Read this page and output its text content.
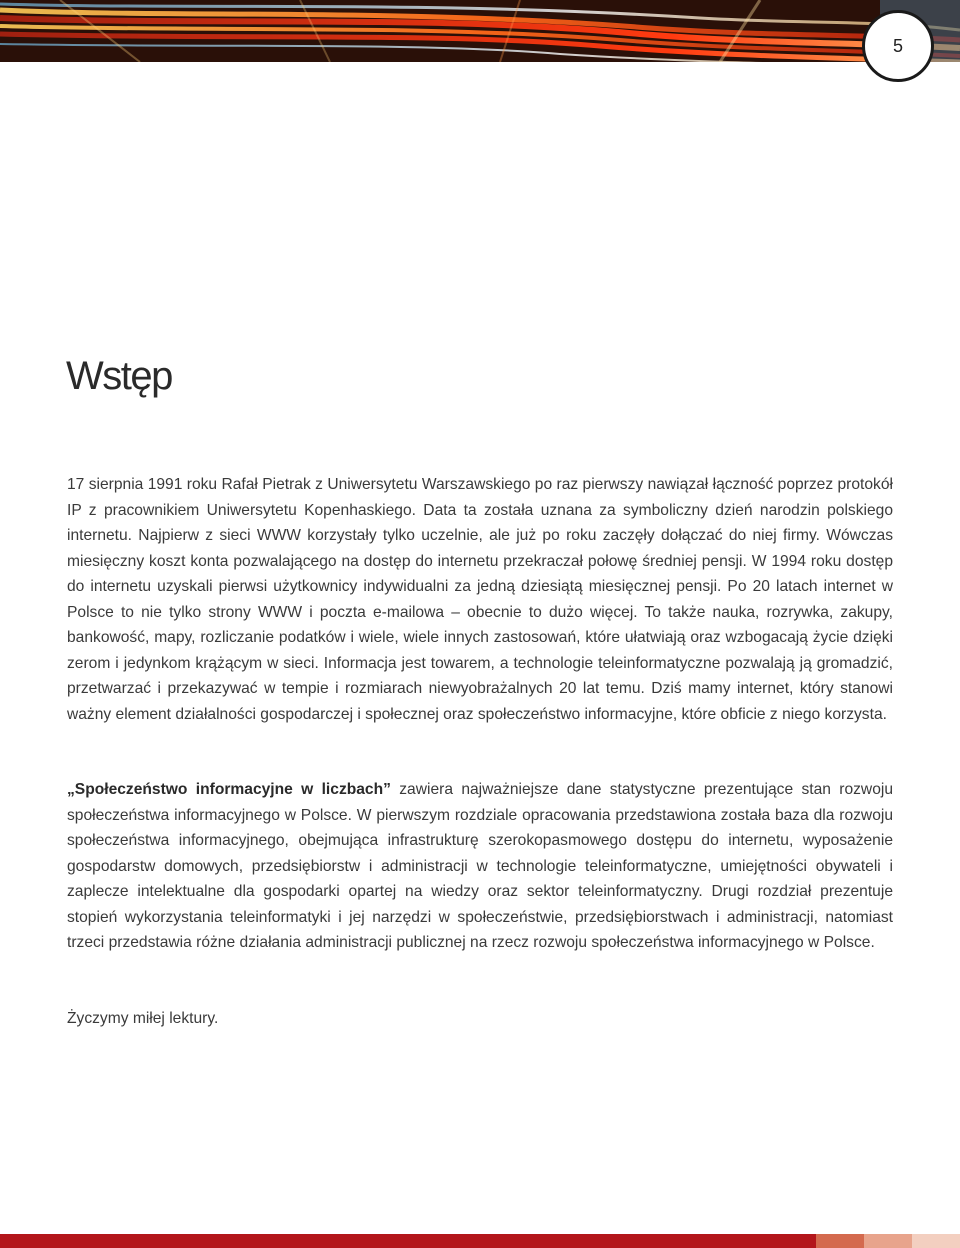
5
Wstęp

17 sierpnia 1991 roku Rafał Pietrak z Uniwersytetu Warszawskiego po raz pierwszy nawiązał łączność poprzez protokół IP z pracownikiem Uniwersytetu Kopenhaskiego. Data ta została uznana za symboliczny dzień narodzin polskiego internetu. Najpierw z sieci WWW korzystały tylko uczelnie, ale już po roku zaczęły dołączać do niej firmy. Wówczas miesięczny koszt konta pozwalającego na dostęp do internetu przekraczał połowę średniej pensji. W 1994 roku dostęp do internetu uzyskali pierwsi użytkownicy indywidualni za jedną dziesiątą miesięcznej pensji. Po 20 latach internet w Polsce to nie tylko strony WWW i poczta e-mailowa – obecnie to dużo więcej. To także nauka, rozrywka, zakupy, bankowość, mapy, rozliczanie podatków i wiele, wiele innych zastosowań, które ułatwiają oraz wzbogacają życie dzięki zerom i jedynkom krążącym w sieci. Informacja jest towarem, a technologie teleinformatyczne pozwalają ją gromadzić, przetwarzać i przekazywać w tempie i rozmiarach niewyobrażalnych 20 lat temu. Dziś mamy internet, który stanowi ważny element działalności gospodarczej i społecznej oraz społeczeństwo informacyjne, które obficie z niego korzysta.

„Społeczeństwo informacyjne w liczbach” zawiera najważniejsze dane statystyczne prezentujące stan rozwoju społeczeństwa informacyjnego w Polsce. W pierwszym rozdziale opracowania przedstawiona została baza dla rozwoju społeczeństwa informacyjnego, obejmująca infrastrukturę szerokopasmowego dostępu do internetu, wyposażenie gospodarstw domowych, przedsiębiorstw i administracji w technologie teleinformatyczne, umiejętności obywateli i zaplecze intelektualne dla gospodarki opartej na wiedzy oraz sektor teleinformatyczny. Drugi rozdział prezentuje stopień wykorzystania teleinformatyki i jej narzędzi w społeczeństwie, przedsiębiorstwach i administracji, natomiast trzeci przedstawia różne działania administracji publicznej na rzecz rozwoju społeczeństwa informacyjnego w Polsce.

Życzymy miłej lektury.
